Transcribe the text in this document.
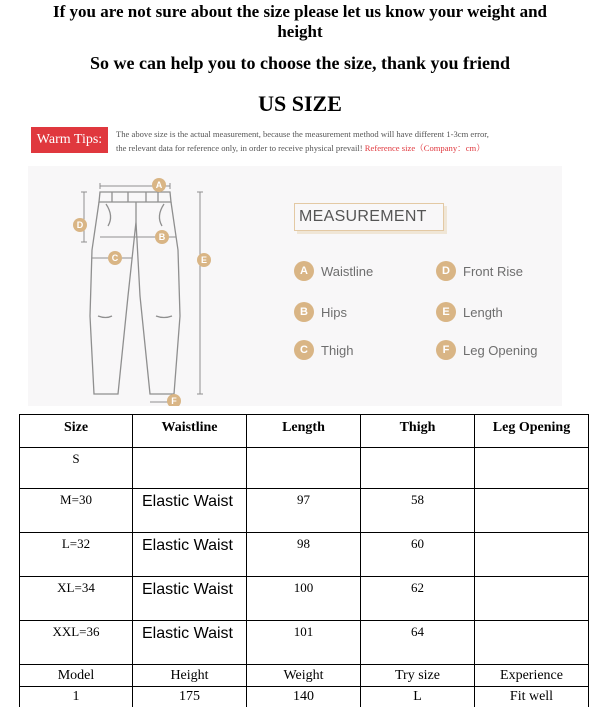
If you are not sure about the size please let us know your weight and
height
So we can help you to choose the size, thank you friend
US SIZE
Warm Tips:	The above size is the actual measurement, because the measurement method will have different 1-3cm error,
the relevant data for reference only, in order to receive physical prevail! Reference size（Company：cm）
A
B
C
D
E
F
MEASUREMENT
A	Waistline
B	Hips
C	Thigh
D	Front Rise
E	Length
F	Leg Opening
Size	Waistline	Length	Thigh	Leg Opening
S				
M=30	Elastic Waist	97	58	
L=32	Elastic Waist	98	60	
XL=34	Elastic Waist	100	62	
XXL=36	Elastic Waist	101	64	
Model	Height	Weight	Try size	Experience
1	175	140	L	Fit well
